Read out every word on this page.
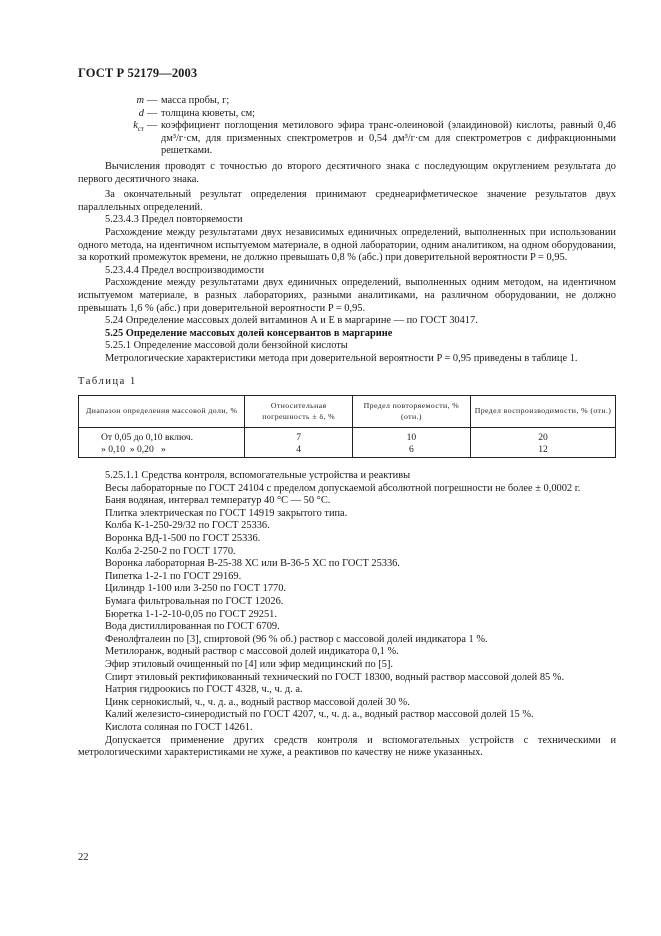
ГОСТ Р 52179—2003
m — масса пробы, г;
d — толщина кюветы, см;
$k_{ст}$ — коэффициент поглощения метилового эфира транс-олеиновой (элаидиновой) кислоты, равный 0,46 дм³/г·см, для призменных спектрометров и 0,54 дм³/г·см для спектрометров с дифракционными решетками.

Вычисления проводят с точностью до второго десятичного знака с последующим округлением результата до первого десятичного знака.

За окончательный результат определения принимают среднеарифметическое значение результатов двух параллельных определений.

5.23.4.3 Предел повторяемости

Расхождение между результатами двух независимых единичных определений, выполненных при использовании одного метода, на идентичном испытуемом материале, в одной лаборатории, одним аналитиком, на одном оборудовании, за короткий промежуток времени, не должно превышать 0,8 % (абс.) при доверительной вероятности P = 0,95.

5.23.4.4 Предел воспроизводимости

Расхождение между результатами двух единичных определений, выполненных одним методом, на идентичном испытуемом материале, в разных лабораториях, разными аналитиками, на различном оборудовании, не должно превышать 1,6 % (абс.) при доверительной вероятности P = 0,95.

5.24 Определение массовых долей витаминов А и Е в маргарине — по ГОСТ 30417.

5.25 Определение массовых долей консервантов в маргарине

5.25.1 Определение массовой доли бензойной кислоты

Метрологические характеристики метода при доверительной вероятности P = 0,95 приведены в таблице 1.

Таблица 1

Диапазон определения массовой доли, %	Относительная погрешность ± δ, %	Предел повторяемости, % (отн.)	Предел воспроизводимости, % (отн.)
От 0,05 до 0,10 включ.	7	10	20
» 0,10  » 0,20   »	4	6	12

5.25.1.1 Средства контроля, вспомогательные устройства и реактивы

Весы лабораторные по ГОСТ 24104 с пределом допускаемой абсолютной погрешности не более ± 0,0002 г.

Баня водяная, интервал температур 40 °С — 50 °С.

Плитка электрическая по ГОСТ 14919 закрытого типа.

Колба К-1-250-29/32 по ГОСТ 25336.

Воронка ВД-1-500 по ГОСТ 25336.

Колба 2-250-2 по ГОСТ 1770.

Воронка лабораторная В-25-38 ХС или В-36-5 ХС по ГОСТ 25336.

Пипетка 1-2-1 по ГОСТ 29169.

Цилиндр 1-100 или 3-250 по ГОСТ 1770.

Бумага фильтровальная по ГОСТ 12026.

Бюретка 1-1-2-10-0,05 по ГОСТ 29251.

Вода дистиллированная по ГОСТ 6709.

Фенолфталеин по [3], спиртовой (96 % об.) раствор с массовой долей индикатора 1 %.

Метилоранж, водный раствор с массовой долей индикатора 0,1 %.

Эфир этиловый очищенный по [4] или эфир медицинский по [5].

Спирт этиловый ректификованный технический по ГОСТ 18300, водный раствор массовой долей 85 %.

Натрия гидроокись по ГОСТ 4328, ч., ч. д. а.

Цинк сернокислый, ч., ч. д. а., водный раствор массовой долей 30 %.

Калий железисто-синеродистый по ГОСТ 4207, ч., ч. д. а., водный раствор массовой долей 15 %.

Кислота соляная по ГОСТ 14261.

Допускается применение других средств контроля и вспомогательных устройств с техническими и метрологическими характеристиками не хуже, а реактивов по качеству не ниже указанных.

22
